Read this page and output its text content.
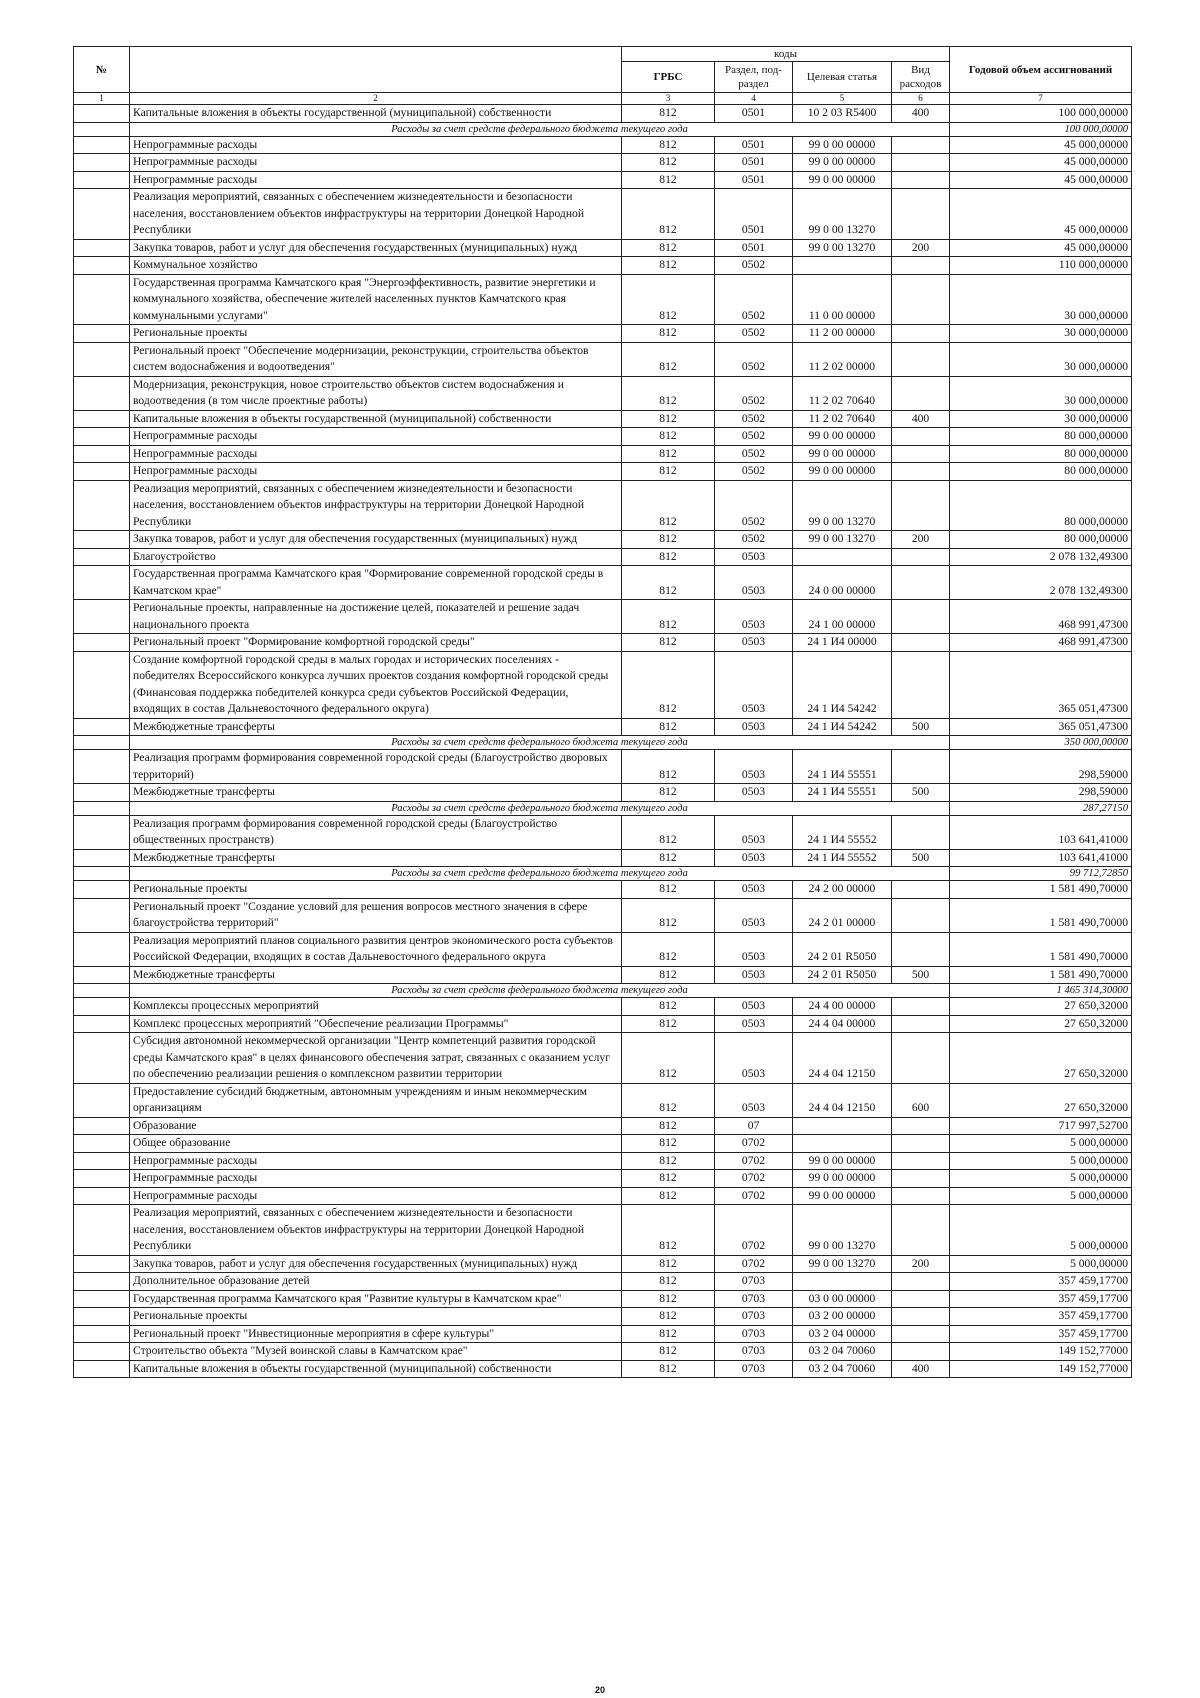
№		коды				Годовой объем ассигнований
		ГРБС	Раздел, под-раздел	Целевая статья	Вид расходов	
1	2	3	4	5	6	7
	Капитальные вложения в объекты государственной (муниципальной) собственности	812	0501	10 2 03 R5400	400	100 000,00000
	Расходы за счет средств федерального бюджета текущего года					100 000,00000
	Непрограммные расходы	812	0501	99 0 00 00000		45 000,00000
	Непрограммные расходы	812	0501	99 0 00 00000		45 000,00000
	Непрограммные расходы	812	0501	99 0 00 00000		45 000,00000
	Реализация мероприятий, связанных с обеспечением жизнедеятельности и безопасности населения, восстановлением объектов инфраструктуры на территории Донецкой Народной Республики	812	0501	99 0 00 13270		45 000,00000
	Закупка товаров, работ и услуг для обеспечения государственных (муниципальных) нужд	812	0501	99 0 00 13270	200	45 000,00000
	Коммунальное хозяйство	812	0502			110 000,00000
	Государственная программа Камчатского края "Энергоэффективность, развитие энергетики и коммунального хозяйства, обеспечение жителей населенных пунктов Камчатского края коммунальными услугами"	812	0502	11 0 00 00000		30 000,00000
	Региональные проекты	812	0502	11 2 00 00000		30 000,00000
	Региональный проект "Обеспечение модернизации, реконструкции, строительства объектов систем водоснабжения и водоотведения"	812	0502	11 2 02 00000		30 000,00000
	Модернизация, реконструкция, новое строительство объектов систем водоснабжения и водоотведения (в том числе проектные работы)	812	0502	11 2 02 70640		30 000,00000
	Капитальные вложения в объекты государственной (муниципальной) собственности	812	0502	11 2 02 70640	400	30 000,00000
	Непрограммные расходы	812	0502	99 0 00 00000		80 000,00000
	Непрограммные расходы	812	0502	99 0 00 00000		80 000,00000
	Непрограммные расходы	812	0502	99 0 00 00000		80 000,00000
	Реализация мероприятий, связанных с обеспечением жизнедеятельности и безопасности населения, восстановлением объектов инфраструктуры на территории Донецкой Народной Республики	812	0502	99 0 00 13270		80 000,00000
	Закупка товаров, работ и услуг для обеспечения государственных (муниципальных) нужд	812	0502	99 0 00 13270	200	80 000,00000
	Благоустройство	812	0503			2 078 132,49300
	Государственная программа Камчатского края "Формирование современной городской среды в Камчатском крае"	812	0503	24 0 00 00000		2 078 132,49300
	Региональные проекты, направленные на достижение целей, показателей и решение задач национального проекта	812	0503	24 1 00 00000		468 991,47300
	Региональный проект "Формирование комфортной городской среды"	812	0503	24 1 И4 00000		468 991,47300
	Создание комфортной городской среды в малых городах и исторических поселениях - победителях Всероссийского конкурса лучших проектов создания комфортной городской среды (Финансовая поддержка победителей конкурса среди субъектов Российской Федерации, входящих в состав Дальневосточного федерального округа)	812	0503	24 1 И4 54242		365 051,47300
	Межбюджетные трансферты	812	0503	24 1 И4 54242	500	365 051,47300
	Расходы за счет средств федерального бюджета текущего года					350 000,00000
	Реализация программ формирования современной городской среды (Благоустройство дворовых территорий)	812	0503	24 1 И4 55551		298,59000
	Межбюджетные трансферты	812	0503	24 1 И4 55551	500	298,59000
	Расходы за счет средств федерального бюджета текущего года					287,27150
	Реализация программ формирования современной городской среды (Благоустройство общественных пространств)	812	0503	24 1 И4 55552		103 641,41000
	Межбюджетные трансферты	812	0503	24 1 И4 55552	500	103 641,41000
	Расходы за счет средств федерального бюджета текущего года					99 712,72850
	Региональные проекты	812	0503	24 2 00 00000		1 581 490,70000
	Региональный проект "Создание условий для решения вопросов местного значения в сфере благоустройства территорий"	812	0503	24 2 01 00000		1 581 490,70000
	Реализация мероприятий планов социального развития центров экономического роста субъектов Российской Федерации, входящих в состав Дальневосточного федерального округа	812	0503	24 2 01 R5050		1 581 490,70000
	Межбюджетные трансферты	812	0503	24 2 01 R5050	500	1 581 490,70000
	Расходы за счет средств федерального бюджета текущего года					1 465 314,30000
	Комплексы процессных мероприятий	812	0503	24 4 00 00000		27 650,32000
	Комплекс процессных мероприятий "Обеспечение реализации Программы"	812	0503	24 4 04 00000		27 650,32000
	Субсидия автономной некоммерческой организации "Центр компетенций развития городской среды Камчатского края" в целях финансового обеспечения затрат, связанных с оказанием услуг по обеспечению реализации решения о комплексном развитии территории	812	0503	24 4 04 12150		27 650,32000
	Предоставление субсидий бюджетным, автономным учреждениям и иным некоммерческим организациям	812	0503	24 4 04 12150	600	27 650,32000
	Образование	812	07			717 997,52700
	Общее образование	812	0702			5 000,00000
	Непрограммные расходы	812	0702	99 0 00 00000		5 000,00000
	Непрограммные расходы	812	0702	99 0 00 00000		5 000,00000
	Непрограммные расходы	812	0702	99 0 00 00000		5 000,00000
	Реализация мероприятий, связанных с обеспечением жизнедеятельности и безопасности населения, восстановлением объектов инфраструктуры на территории Донецкой Народной Республики	812	0702	99 0 00 13270		5 000,00000
	Закупка товаров, работ и услуг для обеспечения государственных (муниципальных) нужд	812	0702	99 0 00 13270	200	5 000,00000
	Дополнительное образование детей	812	0703			357 459,17700
	Государственная программа Камчатского края "Развитие культуры в Камчатском крае"	812	0703	03 0 00 00000		357 459,17700
	Региональные проекты	812	0703	03 2 00 00000		357 459,17700
	Региональный проект "Инвестиционные мероприятия в сфере культуры"	812	0703	03 2 04 00000		357 459,17700
	Строительство объекта "Музей воинской славы в Камчатском крае"	812	0703	03 2 04 70060		149 152,77000
	Капитальные вложения в объекты государственной (муниципальной) собственности	812	0703	03 2 04 70060	400	149 152,77000
20
